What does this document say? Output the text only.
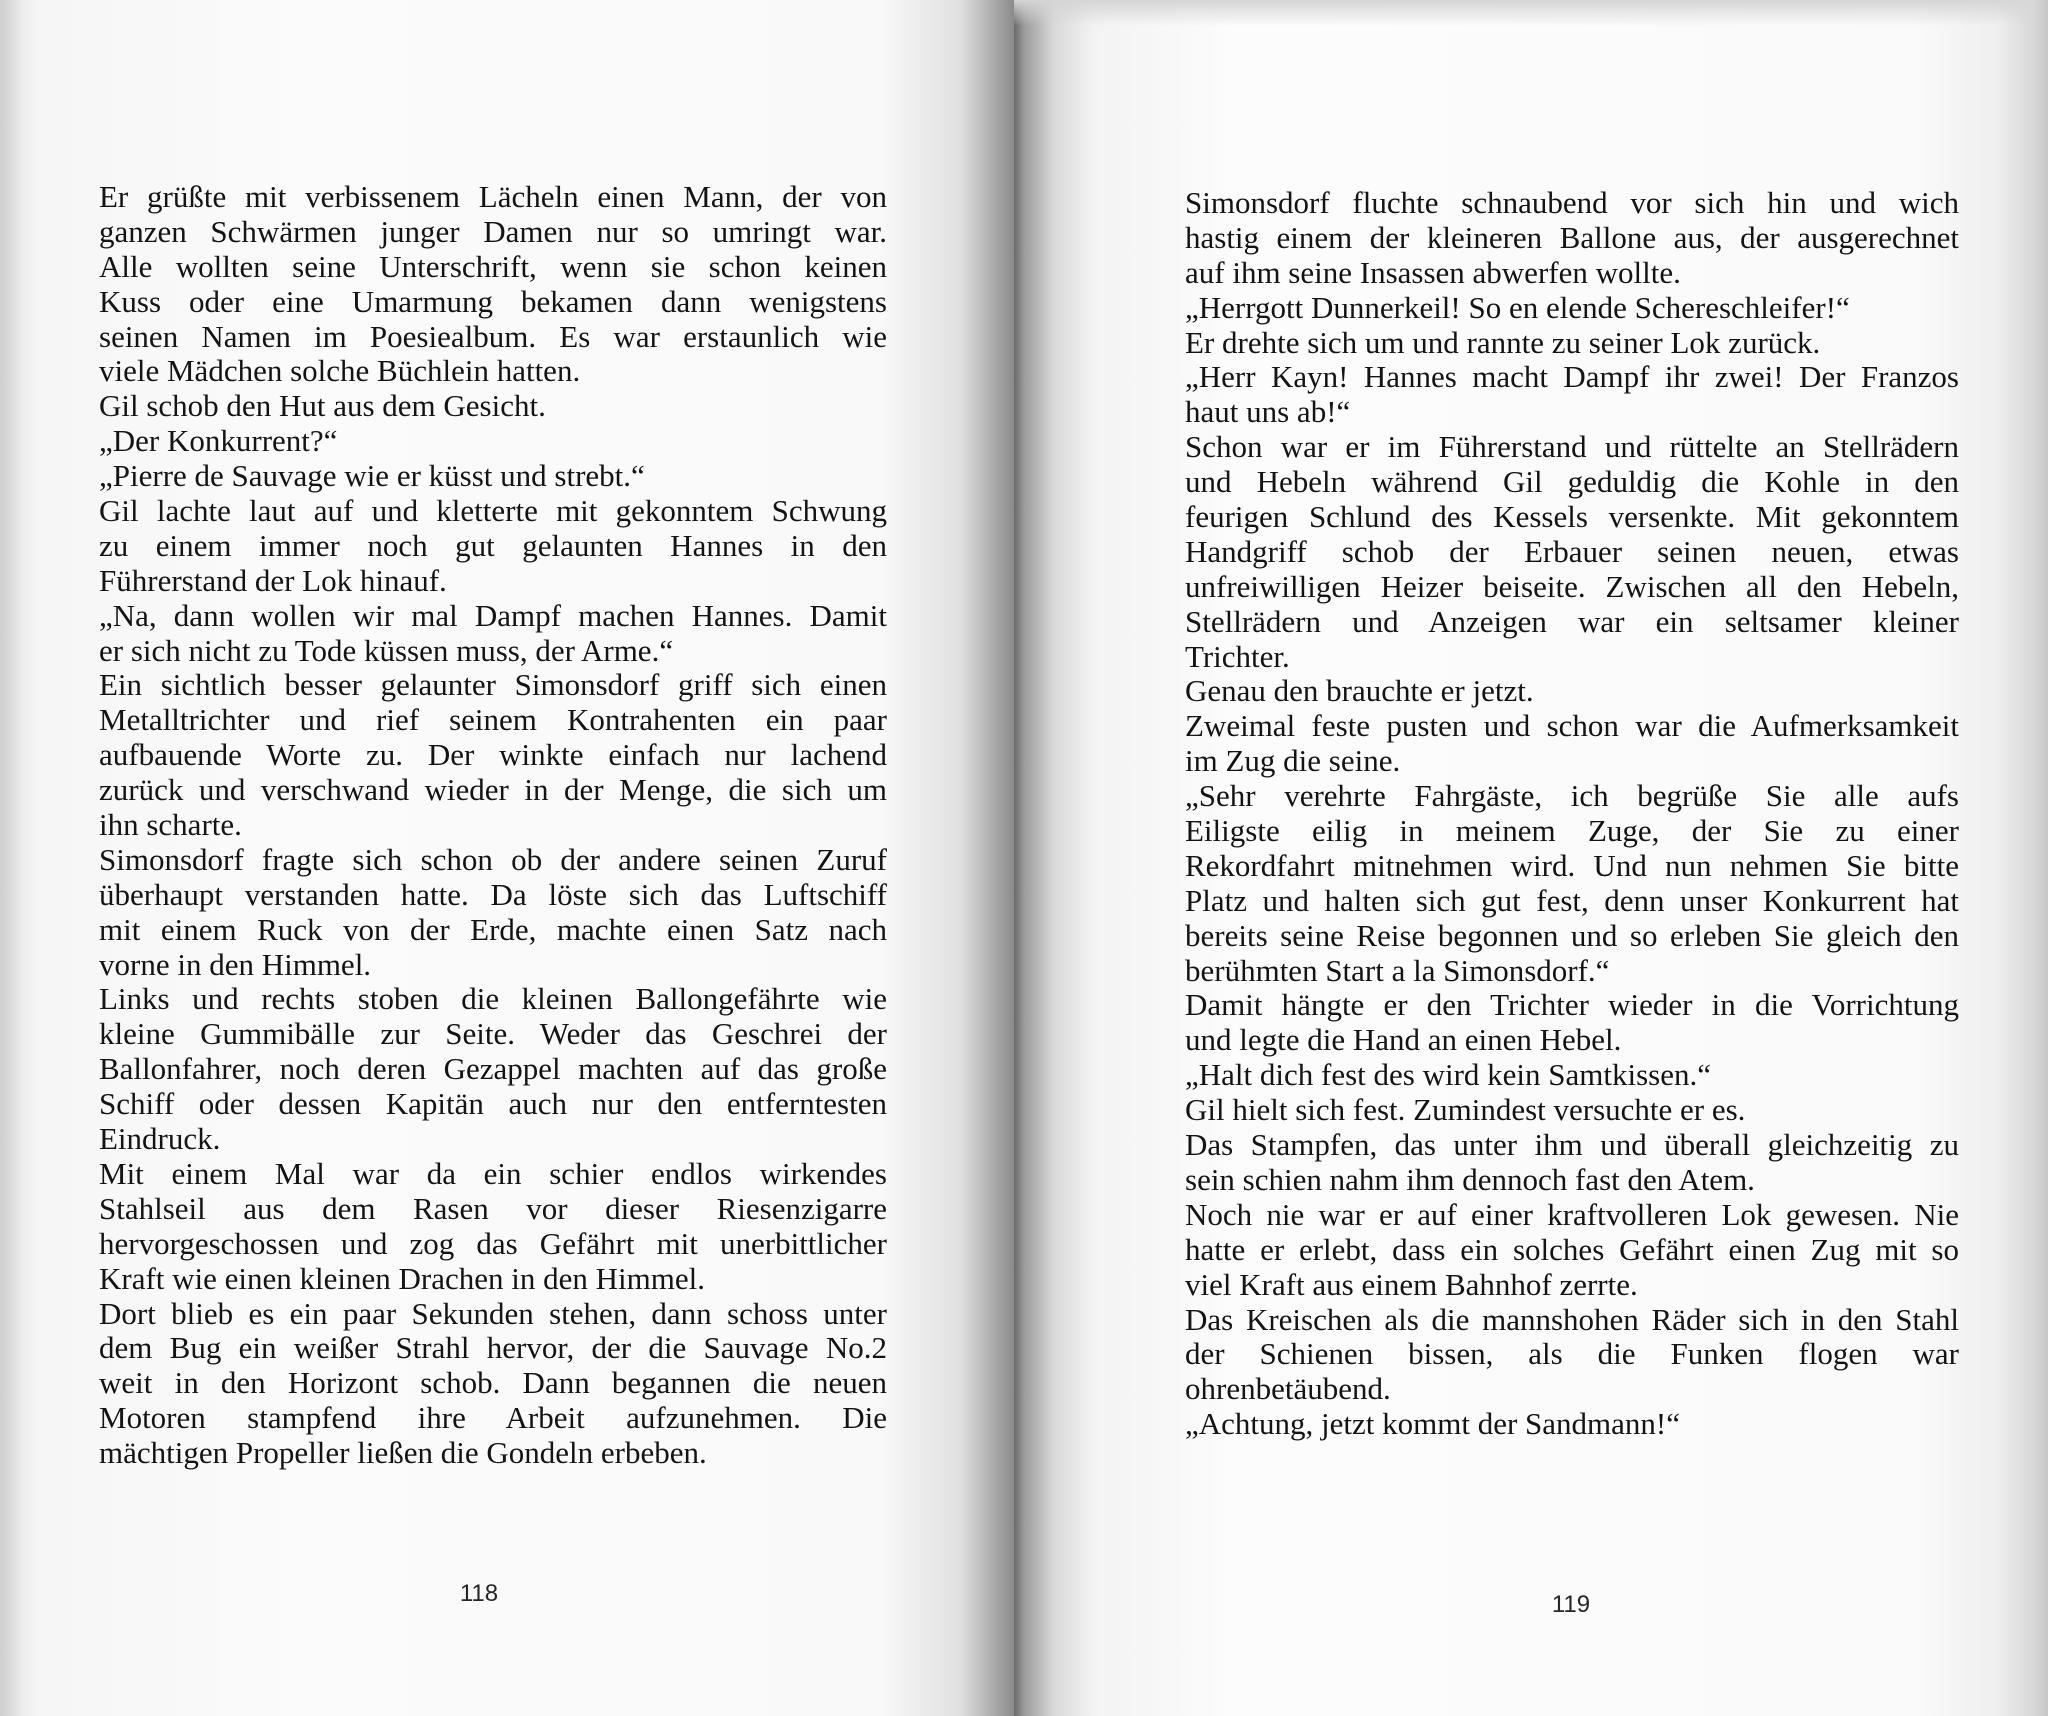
Er grüßte mit verbissenem Lächeln einen Mann, der von
ganzen Schwärmen junger Damen nur so umringt war.
Alle wollten seine Unterschrift, wenn sie schon keinen
Kuss oder eine Umarmung bekamen dann wenigstens
seinen Namen im Poesiealbum. Es war erstaunlich wie
viele Mädchen solche Büchlein hatten.
Gil schob den Hut aus dem Gesicht.
„Der Konkurrent?“
„Pierre de Sauvage wie er küsst und strebt.“
Gil lachte laut auf und kletterte mit gekonntem Schwung
zu einem immer noch gut gelaunten Hannes in den
Führerstand der Lok hinauf.
„Na, dann wollen wir mal Dampf machen Hannes. Damit
er sich nicht zu Tode küssen muss, der Arme.“
Ein sichtlich besser gelaunter Simonsdorf griff sich einen
Metalltrichter und rief seinem Kontrahenten ein paar
aufbauende Worte zu. Der winkte einfach nur lachend
zurück und verschwand wieder in der Menge, die sich um
ihn scharte.
Simonsdorf fragte sich schon ob der andere seinen Zuruf
überhaupt verstanden hatte. Da löste sich das Luftschiff
mit einem Ruck von der Erde, machte einen Satz nach
vorne in den Himmel.
Links und rechts stoben die kleinen Ballongefährte wie
kleine Gummibälle zur Seite. Weder das Geschrei der
Ballonfahrer, noch deren Gezappel machten auf das große
Schiff oder dessen Kapitän auch nur den entferntesten
Eindruck.
Mit einem Mal war da ein schier endlos wirkendes
Stahlseil aus dem Rasen vor dieser Riesenzigarre
hervorgeschossen und zog das Gefährt mit unerbittlicher
Kraft wie einen kleinen Drachen in den Himmel.
Dort blieb es ein paar Sekunden stehen, dann schoss unter
dem Bug ein weißer Strahl hervor, der die Sauvage No.2
weit in den Horizont schob. Dann begannen die neuen
Motoren stampfend ihre Arbeit aufzunehmen. Die
mächtigen Propeller ließen die Gondeln erbeben.
Simonsdorf fluchte schnaubend vor sich hin und wich
hastig einem der kleineren Ballone aus, der ausgerechnet
auf ihm seine Insassen abwerfen wollte.
„Herrgott Dunnerkeil! So en elende Schereschleifer!“
Er drehte sich um und rannte zu seiner Lok zurück.
„Herr Kayn! Hannes macht Dampf ihr zwei! Der Franzos
haut uns ab!“
Schon war er im Führerstand und rüttelte an Stellrädern
und Hebeln während Gil geduldig die Kohle in den
feurigen Schlund des Kessels versenkte. Mit gekonntem
Handgriff schob der Erbauer seinen neuen, etwas
unfreiwilligen Heizer beiseite. Zwischen all den Hebeln,
Stellrädern und Anzeigen war ein seltsamer kleiner
Trichter.
Genau den brauchte er jetzt.
Zweimal feste pusten und schon war die Aufmerksamkeit
im Zug die seine.
„Sehr verehrte Fahrgäste, ich begrüße Sie alle aufs
Eiligste eilig in meinem Zuge, der Sie zu einer
Rekordfahrt mitnehmen wird. Und nun nehmen Sie bitte
Platz und halten sich gut fest, denn unser Konkurrent hat
bereits seine Reise begonnen und so erleben Sie gleich den
berühmten Start a la Simonsdorf.“
Damit hängte er den Trichter wieder in die Vorrichtung
und legte die Hand an einen Hebel.
„Halt dich fest des wird kein Samtkissen.“
Gil hielt sich fest. Zumindest versuchte er es.
Das Stampfen, das unter ihm und überall gleichzeitig zu
sein schien nahm ihm dennoch fast den Atem.
Noch nie war er auf einer kraftvolleren Lok gewesen. Nie
hatte er erlebt, dass ein solches Gefährt einen Zug mit so
viel Kraft aus einem Bahnhof zerrte.
Das Kreischen als die mannshohen Räder sich in den Stahl
der Schienen bissen, als die Funken flogen war
ohrenbetäubend.
„Achtung, jetzt kommt der Sandmann!“
118	119
